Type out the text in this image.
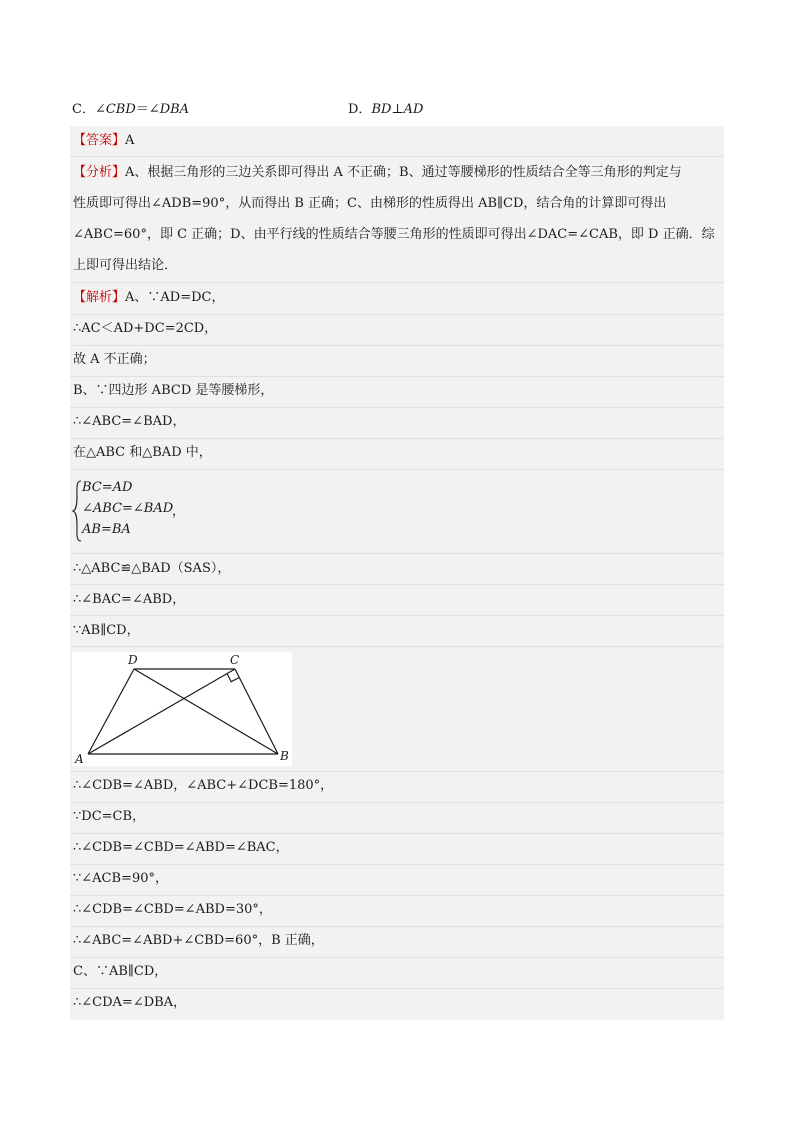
C．∠CBD＝∠DBA	D．BD⊥AD
【答案】A
【分析】A、根据三角形的三边关系即可得出 A 不正确；B、通过等腰梯形的性质结合全等三角形的判定与
性质即可得出∠ADB=90°，从而得出 B 正确；C、由梯形的性质得出 AB∥CD，结合角的计算即可得出
∠ABC=60°，即 C 正确；D、由平行线的性质结合等腰三角形的性质即可得出∠DAC=∠CAB，即 D 正确．综
上即可得出结论．
【解析】A、∵AD=DC，
∴AC＜AD+DC=2CD，
故 A 不正确；
B、∵四边形 ABCD 是等腰梯形，
∴∠ABC=∠BAD，
在△ABC 和△BAD 中，
BC=AD
∠ABC=∠BAD
AB=BA
，
∴△ABC≌△BAD（SAS），
∴∠BAC=∠ABD，
∵AB∥CD，
D	C
A	B
∴∠CDB=∠ABD，∠ABC+∠DCB=180°，
∵DC=CB，
∴∠CDB=∠CBD=∠ABD=∠BAC，
∵∠ACB=90°，
∴∠CDB=∠CBD=∠ABD=30°，
∴∠ABC=∠ABD+∠CBD=60°，B 正确，
C、∵AB∥CD，
∴∠CDA=∠DBA，
